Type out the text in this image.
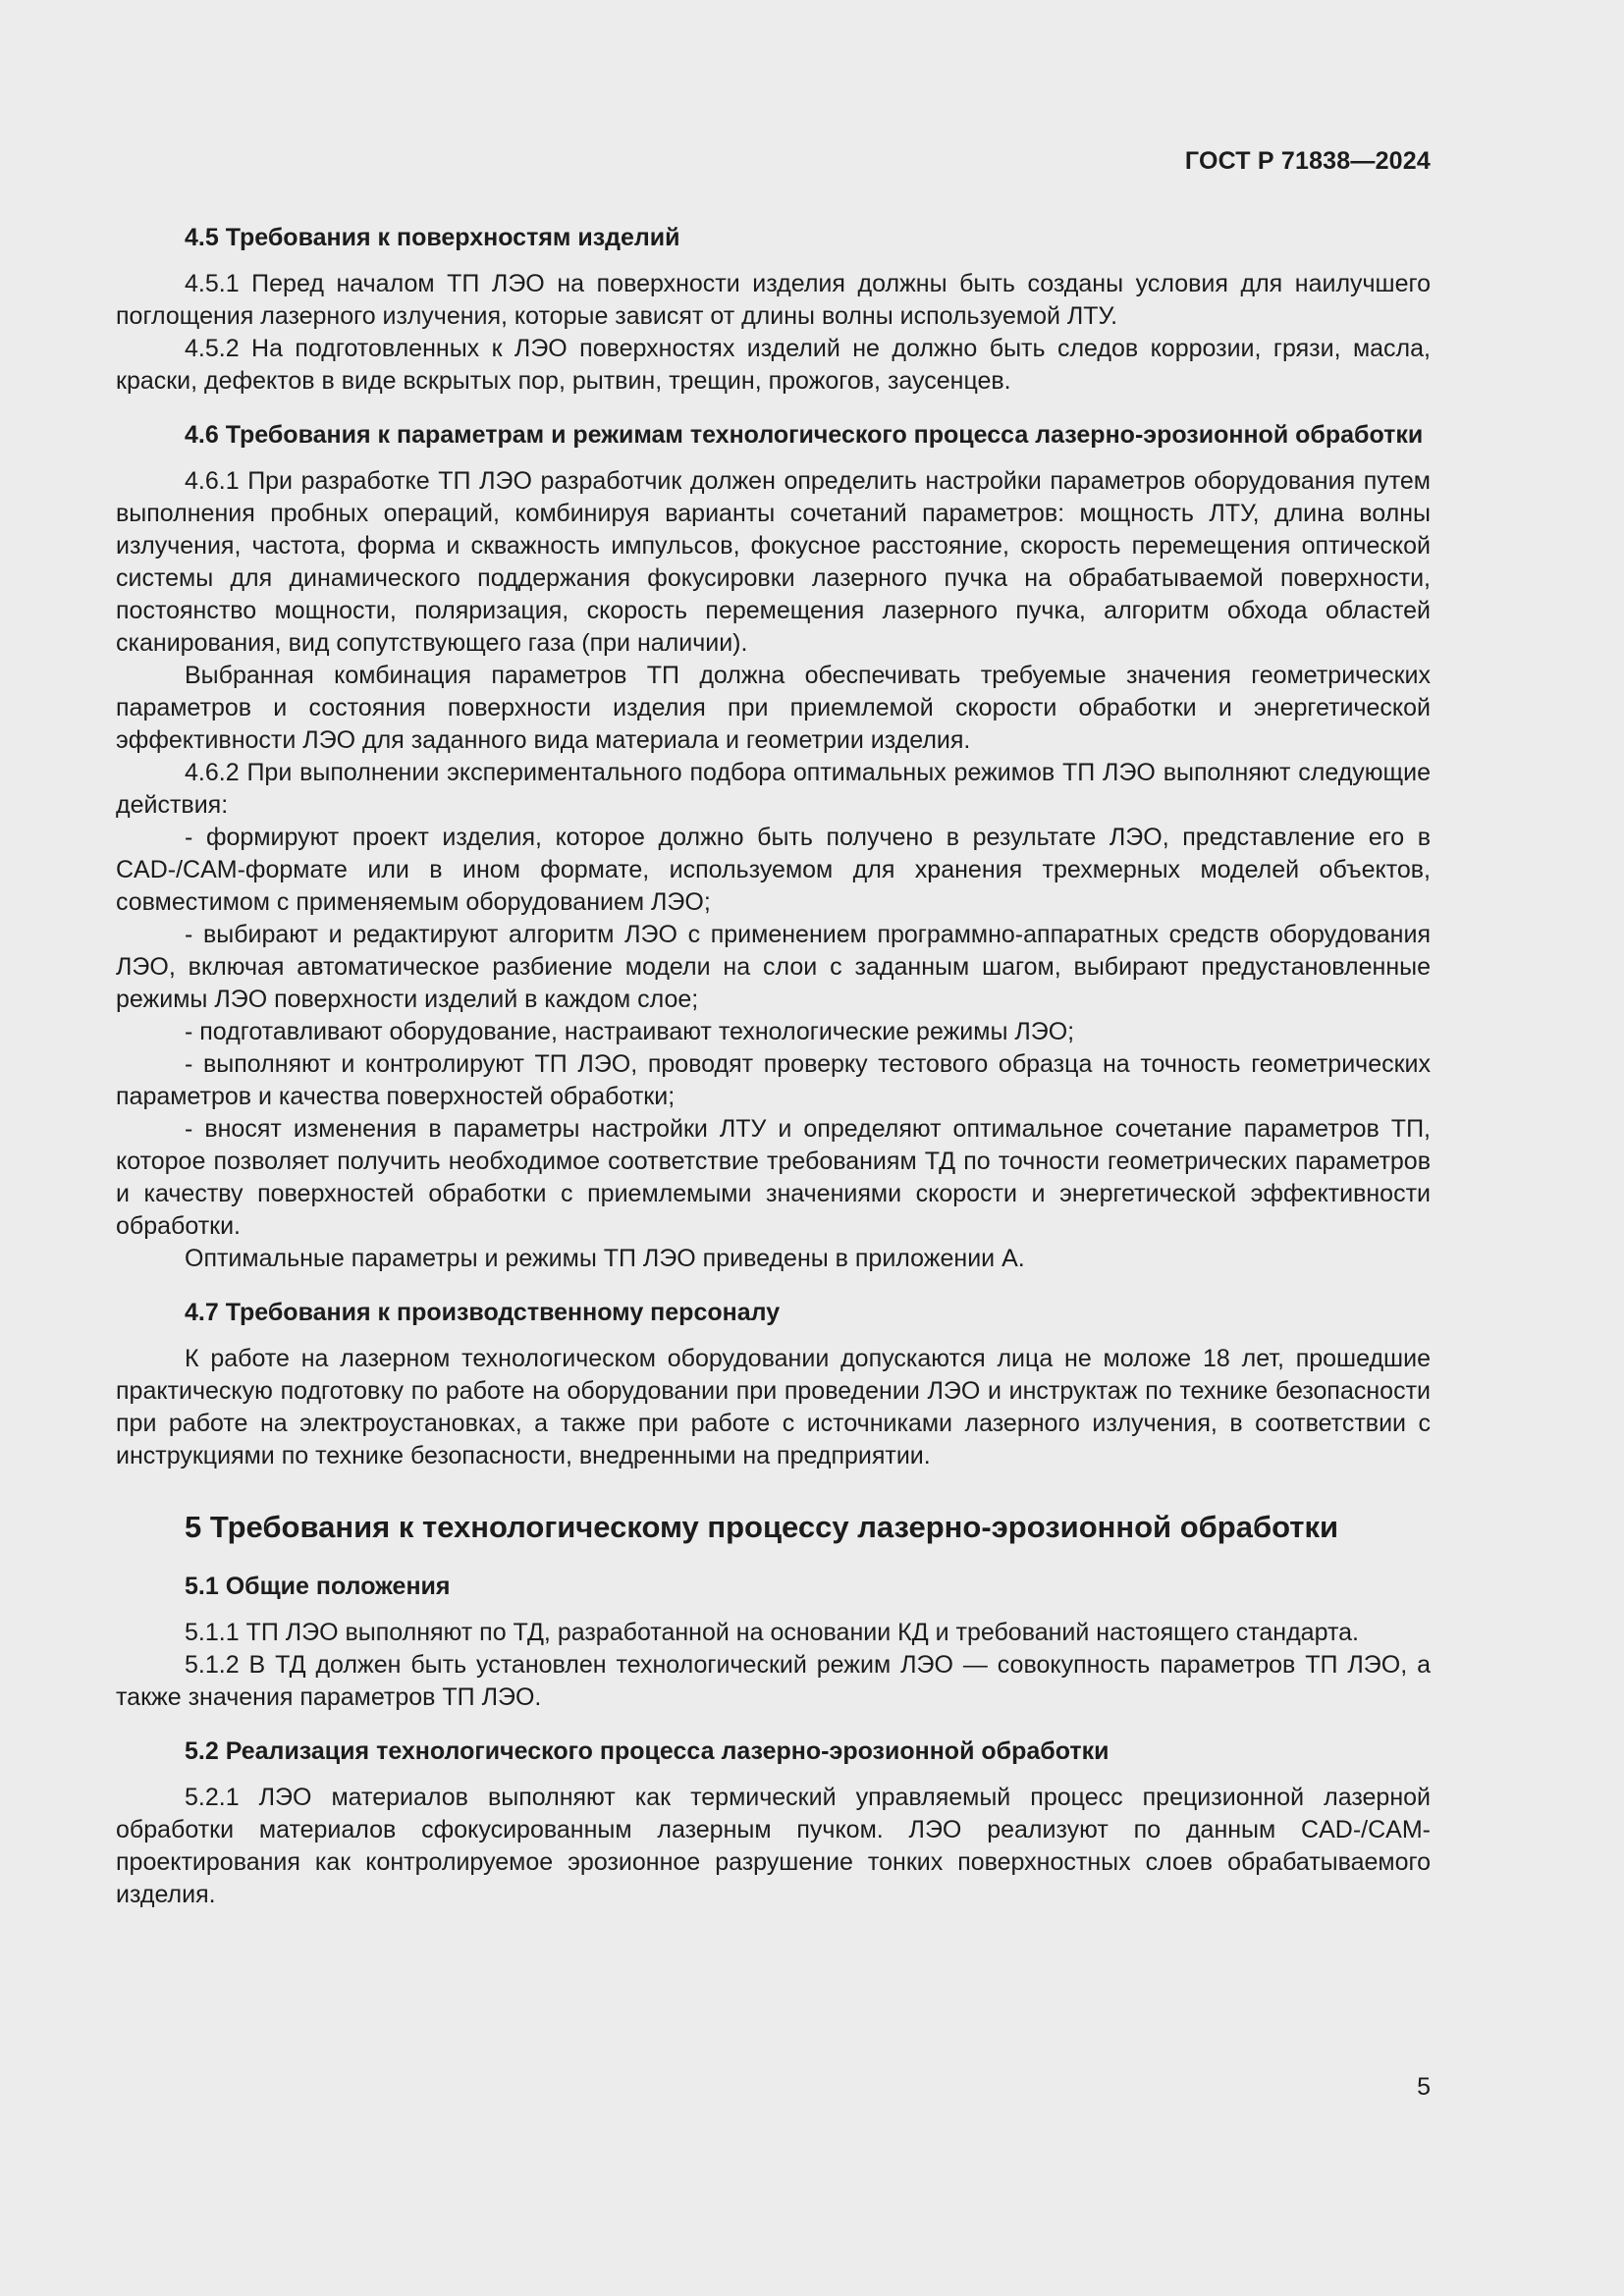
ГОСТ Р 71838—2024
4.5 Требования к поверхностям изделий

4.5.1 Перед началом ТП ЛЭО на поверхности изделия должны быть созданы условия для наилучшего поглощения лазерного излучения, которые зависят от длины волны используемой ЛТУ.

4.5.2 На подготовленных к ЛЭО поверхностях изделий не должно быть следов коррозии, грязи, масла, краски, дефектов в виде вскрытых пор, рытвин, трещин, прожогов, заусенцев.

4.6 Требования к параметрам и режимам технологического процесса лазерно-эрозионной обработки

4.6.1 При разработке ТП ЛЭО разработчик должен определить настройки параметров оборудования путем выполнения пробных операций, комбинируя варианты сочетаний параметров: мощность ЛТУ, длина волны излучения, частота, форма и скважность импульсов, фокусное расстояние, скорость перемещения оптической системы для динамического поддержания фокусировки лазерного пучка на обрабатываемой поверхности, постоянство мощности, поляризация, скорость перемещения лазерного пучка, алгоритм обхода областей сканирования, вид сопутствующего газа (при наличии).

Выбранная комбинация параметров ТП должна обеспечивать требуемые значения геометрических параметров и состояния поверхности изделия при приемлемой скорости обработки и энергетической эффективности ЛЭО для заданного вида материала и геометрии изделия.

4.6.2 При выполнении экспериментального подбора оптимальных режимов ТП ЛЭО выполняют следующие действия:

- формируют проект изделия, которое должно быть получено в результате ЛЭО, представление его в CAD-/CAM-формате или в ином формате, используемом для хранения трехмерных моделей объектов, совместимом с применяемым оборудованием ЛЭО;

- выбирают и редактируют алгоритм ЛЭО с применением программно-аппаратных средств оборудования ЛЭО, включая автоматическое разбиение модели на слои с заданным шагом, выбирают предустановленные режимы ЛЭО поверхности изделий в каждом слое;

- подготавливают оборудование, настраивают технологические режимы ЛЭО;

- выполняют и контролируют ТП ЛЭО, проводят проверку тестового образца на точность геометрических параметров и качества поверхностей обработки;

- вносят изменения в параметры настройки ЛТУ и определяют оптимальное сочетание параметров ТП, которое позволяет получить необходимое соответствие требованиям ТД по точности геометрических параметров и качеству поверхностей обработки с приемлемыми значениями скорости и энергетической эффективности обработки.

Оптимальные параметры и режимы ТП ЛЭО приведены в приложении А.

4.7 Требования к производственному персоналу

К работе на лазерном технологическом оборудовании допускаются лица не моложе 18 лет, прошедшие практическую подготовку по работе на оборудовании при проведении ЛЭО и инструктаж по технике безопасности при работе на электроустановках, а также при работе с источниками лазерного излучения, в соответствии с инструкциями по технике безопасности, внедренными на предприятии.

5 Требования к технологическому процессу лазерно-эрозионной обработки
5.1 Общие положения

5.1.1 ТП ЛЭО выполняют по ТД, разработанной на основании КД и требований настоящего стандарта.

5.1.2 В ТД должен быть установлен технологический режим ЛЭО — совокупность параметров ТП ЛЭО, а также значения параметров ТП ЛЭО.

5.2 Реализация технологического процесса лазерно-эрозионной обработки

5.2.1 ЛЭО материалов выполняют как термический управляемый процесс прецизионной лазерной обработки материалов сфокусированным лазерным пучком. ЛЭО реализуют по данным CAD-/CAM-проектирования как контролируемое эрозионное разрушение тонких поверхностных слоев обрабатываемого изделия.

5
